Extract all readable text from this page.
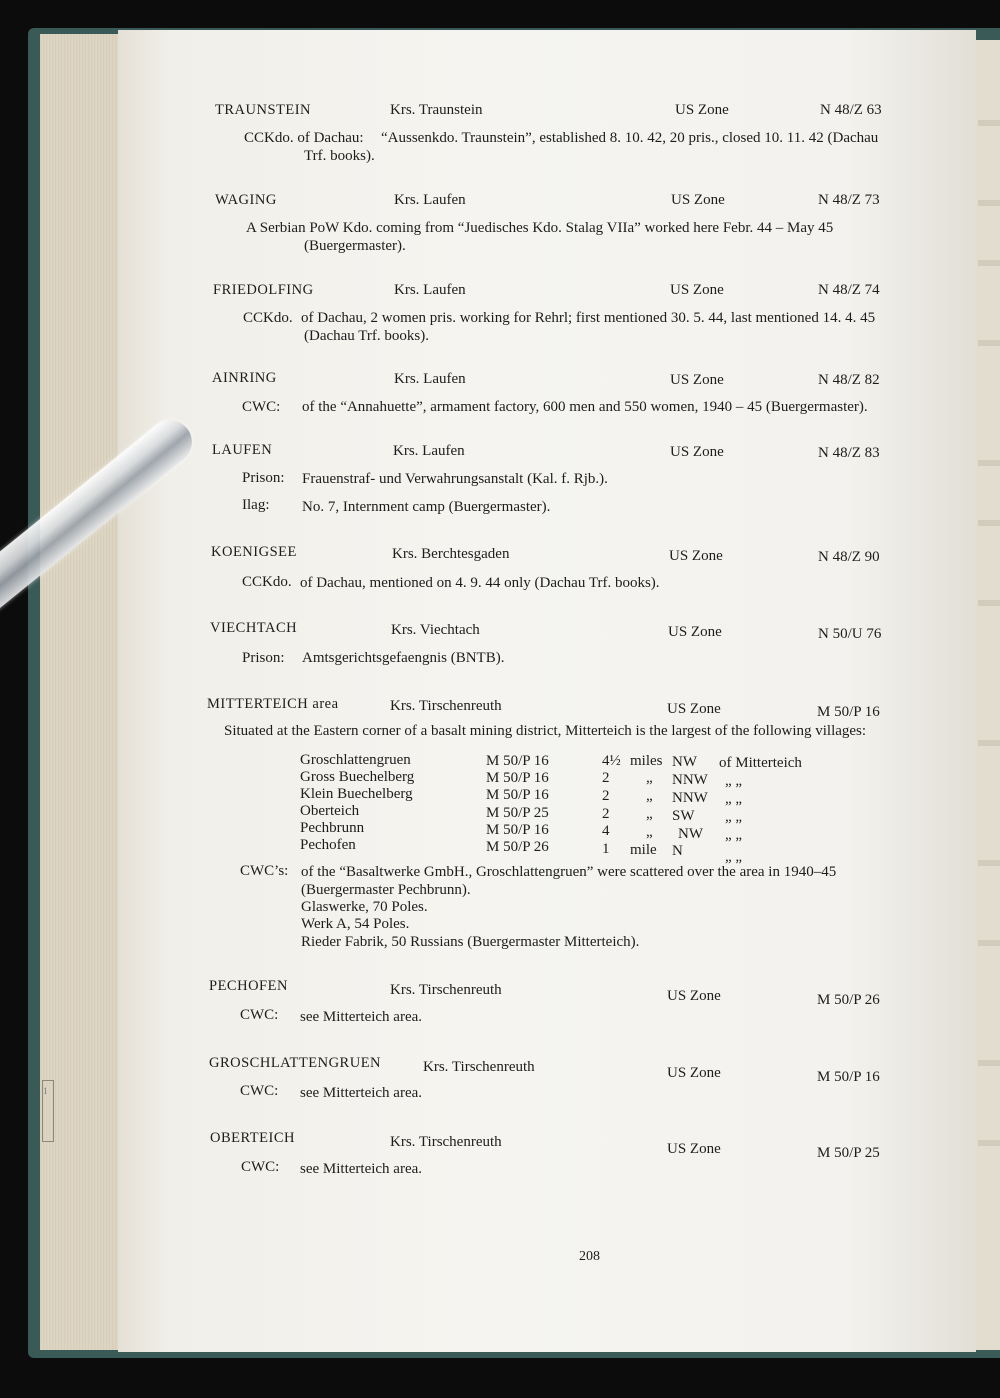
1
TRAUNSTEIN	Krs. Traunstein	US Zone	N 48/Z 63
CCKdo. of Dachau: “Aussenkdo. Traunstein”, established 8. 10. 42, 20 pris., closed 10. 11. 42 (Dachau
Trf. books).
WAGING	Krs. Laufen	US Zone	N 48/Z 73
A Serbian PoW Kdo. coming from “Juedisches Kdo. Stalag VIIa” worked here Febr. 44 – May 45
(Buergermaster).
FRIEDOLFING	Krs. Laufen	US Zone	N 48/Z 74
CCKdo. of Dachau, 2 women pris. working for Rehrl; first mentioned 30. 5. 44, last mentioned 14. 4. 45
(Dachau Trf. books).
AINRING	Krs. Laufen	US Zone	N 48/Z 82
CWC: of the “Annahuette”, armament factory, 600 men and 550 women, 1940 – 45 (Buergermaster).
LAUFEN	Krs. Laufen	US Zone	N 48/Z 83
Prison: Frauenstraf- und Verwahrungsanstalt (Kal. f. Rjb.).
Ilag: No. 7, Internment camp (Buergermaster).
KOENIGSEE	Krs. Berchtesgaden	US Zone	N 48/Z 90
CCKdo. of Dachau, mentioned on 4. 9. 44 only (Dachau Trf. books).
VIECHTACH	Krs. Viechtach	US Zone	N 50/U 76
Prison: Amtsgerichtsgefaengnis (BNTB).
MITTERTEICH area	Krs. Tirschenreuth	US Zone	M 50/P 16
Situated at the Eastern corner of a basalt mining district, Mitterteich is the largest of the following villages:
Groschlattengruen	M 50/P 16	4½ miles NW of Mitterteich
Gross Buechelberg	M 50/P 16	2 „ NNW „ „
Klein Buechelberg	M 50/P 16	2 „ NNW „ „
Oberteich	M 50/P 25	2 „ SW „ „
Pechbrunn	M 50/P 16	4 „ NW „ „
Pechofen	M 50/P 26	1 mile N	„ „
CWC’s: of the “Basaltwerke GmbH., Groschlattengruen” were scattered over the area in 1940–45
(Buergermaster Pechbrunn).
Glaswerke, 70 Poles.
Werk A, 54 Poles.
Rieder Fabrik, 50 Russians (Buergermaster Mitterteich).
PECHOFEN	Krs. Tirschenreuth	US Zone	M 50/P 26
CWC: see Mitterteich area.
GROSCHLATTENGRUEN	Krs. Tirschenreuth	US Zone	M 50/P 16
CWC: see Mitterteich area.
OBERTEICH	Krs. Tirschenreuth	US Zone	M 50/P 25
CWC: see Mitterteich area.
208
